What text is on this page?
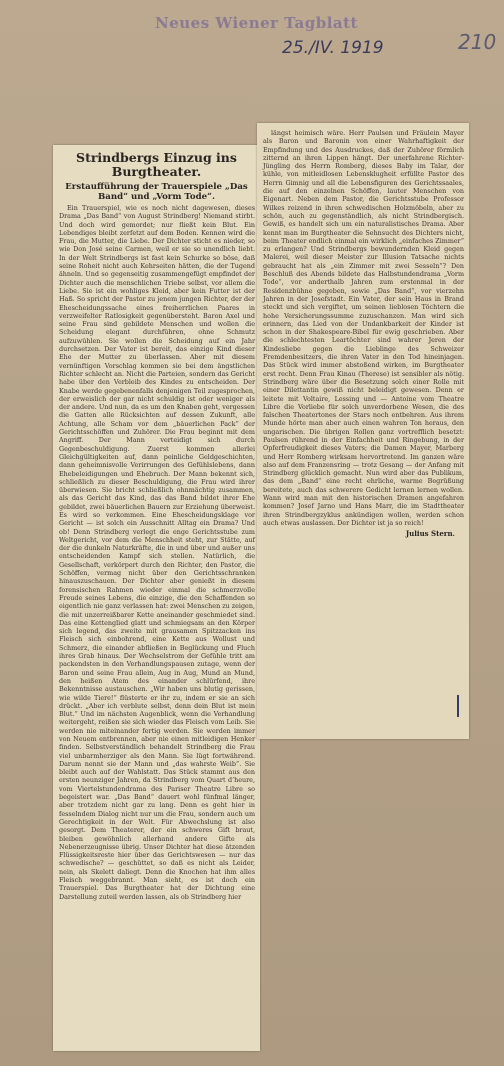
Neues Wiener Tagblatt
25./IV. 1919	210
Strindbergs Einzug ins Burgtheater.
Erstaufführung der Trauerspiele „Das Band“ und „Vorm Tode“.

Ein Trauerspiel, wie es noch nicht dagewesen, dieses Drama „Das Band“ von August Strindberg! Niemand stirbt. Und doch wird gemordet; nur fließt kein Blut. Ein Lebendiges bleibt zerfetzt auf dem Boden. Kennen wird die Frau, die Mutter, die Liebe. Der Dichter sticht es nieder, so wie Don José seine Carmen, weil er sie so unendlich liebt. In der Welt Strindbergs ist fast kein Schurke so böse, daß seine Roheit nicht auch Kehrseiten hätten, die der Tugend ähneln. Und so gegenseitig zusammengefügt empfindet der Dichter auch die menschlichen Triebe selbst, vor allem die Liebe. Sie ist ein wohliges Kleid, aber kein Futter ist der Haß. So spricht der Pastor zu jenem jungen Richter, der der Ehescheidungssache eines freiherrlichen Paares in verzweifelter Ratlosigkeit gegenübersteht. Baron Axel und seine Frau sind gebildete Menschen und wollen die Scheidung elegant durchführen, ohne Schmutz aufzuwühlen. Sie wollen die Scheidung auf ein Jahr durchsetzen. Der Vater ist bereit, das einzige Kind dieser Ehe der Mutter zu überlassen. Aber mit diesem vernünftigen Vorschlag kommen sie bei dem ängstlichen Richter schlecht an. Nicht die Parteien, sondern das Gericht habe über den Verbleib des Kindes zu entscheiden. Der Knabe werde gegebenenfalls denjenigen Teil zugesprochen, der erweislich der gar nicht schuldig ist oder weniger als der andere. Und nun, da es um den Knaben geht, vergessen die Gatten alle Rücksichten auf dessen Zukunft, alle Achtung, alle Scham vor dem „bäuerlichen Pack“ der Gerichtsschöffen und Zuhörer. Die Frau beginnt mit dem Angriff. Der Mann verteidigt sich durch Gegenbeschuldigung. Zuerst kommen allerlei Gleichgültigkeiten auf, dann peinliche Geldgeschichten, dann geheimnisvolle Verirrungen des Gefühlslebens, dann Ehebeleidigungen und Ehebruch. Der Mann bekennt sich, schließlich zu dieser Beschuldigung, die Frau wird ihrer überwiesen. Sie bricht schließlich ohnmächtig zusammen, als das Gericht das Kind, das das Band bildet ihrer Ehe gebildet, zwei bäuerlichen Bauern zur Erziehung überweist. Es wird so verkommen. Eine Ehescheidungsklage vor Gericht — ist solch ein Ausschnitt Alltag ein Drama? Und ob! Denn Strindberg verlegt die enge Gerichtsstube zum Weltgericht, vor dem die Menschheit steht, zur Stätte, auf der die dunkeln Naturkräfte, die in und über und außer uns entscheidenden Kampf sich stellen. Natürlich, die Gesellschaft, verkörpert durch den Richter, den Pastor, die Schöffen, vermag nicht über den Gerichtsschranken hinauszuschauen. Der Dichter aber genießt in diesem forensischen Rahmen wieder einmal die schmerzvolle Freude seines Lebens, die einzige, die den Schaffenden so eigentlich nie ganz verlassen hat: zwei Menschen zu zeigen, die mit unzerreißbarer Kette aneinander geschmiedet sind. Das eine Kettenglied glatt und schmiegsam an den Körper sich legend, das zweite mit grausamen Spitzzacken ins Fleisch sich einbohrend, eine Kette aus Wollust und Schmerz, die einander abfließen in Beglückung und Fluch ihres Grab hinaus. Der Wechselstrom der Gefühle tritt am packendsten in den Verhandlungspausen zutage, wenn der Baron und seine Frau allein, Aug in Aug, Mund an Mund, den heißen Atem des einander schlürfend, ihre Bekenntnisse austauschen. „Wir haben uns blutig gerissen, wie wilde Tiere!“ flüsterte er ihr zu, indem er sie an sich drückt. „Aber ich verblute selbst, denn dein Blut ist mein Blut.“ Und im nächsten Augenblick, wenn die Verhandlung weitergeht, reißen sie sich wieder das Fleisch vom Leib. Sie werden nie miteinander fertig werden. Sie werden immer von Neuem entbrennen, aber nie einen mitleidigen Henker finden. Selbstverständlich behandelt Strindberg die Frau viel unbarmherziger als den Mann. Sie lügt fortwährend. Darum nennt sie der Mann und „das wahrste Weib“. Sie bleibt auch auf der Wahlstatt. Das Stück stammt aus den ersten neunziger Jahren, da Strindberg vom Quart d’heure, vom Viertelstundendrama des Pariser Theatre Libre so begeistert war. „Das Band“ dauert wohl fünfmal länger, aber trotzdem nicht gar zu lang. Denn es geht hier in fesselndem Dialog nicht nur um die Frau, sondern auch um Gerechtigkeit in der Welt. Für Abwechslung ist also gesorgt. Dem Theaterer, der ein schweres Gift braut, bleiben gewöhnlich allerhand andere Gifte als Nebenerzeugnisse übrig. Unser Dichter hat diese ätzenden Flüssigkeitsreste hier über das Gerichtswesen — nur das schwedische? — geschüttet, so daß es nicht als Leider, nein, als Skelett daliegt. Denn die Knochen hat ihm alles Fleisch weggebrannt. Man sieht, es ist doch ein Trauerspiel. Das Burgtheater hat der Dichtung eine Darstellung zuteil werden lassen, als ob Strindberg hier

längst heimisch wäre. Herr Paulsen und Fräulein Mayer als Baron und Baronin von einer Wahrhaftigkeit der Empfindung und des Ausdruckes, daß der Zuhörer förmlich zitternd an ihren Lippen hängt. Der unerfahrene Richter-Jüngling des Herrn Romberg, dieses Baby im Talar, der kühle, von mitleidlosen Lebensklugheit erfüllte Pastor des Herrn Gimnig und all die Lebensfiguren des Gerichtssaales, die auf den einzelnen Schöffen, lauter Menschen von Eigenart. Neben dem Pastor, die Gerichtsstube Professor Wilkes reizend in ihren schwedischen Holzmöbeln, aber zu schön, auch zu gegenständlich, als nicht Strindbergisch. Gewiß, es handelt sich um ein naturalistisches Drama. Aber kennt man im Burgtheater die Sehnsucht des Dichters nicht, beim Theater endlich einmal ein wirklich „einfaches Zimmer“ zu erlangen? Und Strindbergs bewundernden Kleid gegen Malerei, weil dieser Meister zur Illusion Tatsache nichts gebraucht hat als „ein Zimmer mit zwei Sesseln“? Den Beschluß des Abends bildete das Halbstundendrama „Vorm Tode“, vor anderthalb Jahren zum erstenmal in der Residenzbühne gegeben, sowie „Das Band“, vor vierzehn Jahren in der Josefstadt. Ein Vater, der sein Haus in Brand steckt und sich vergiftet, um seinen lieblosen Töchtern die hohe Versicherungssumme zuzuschanzen. Man wird sich erinnern, das Lied von der Undankbarkeit der Kinder ist schon in der Shakespeare-Bibel für ewig geschrieben. Aber die schlechtesten Leartöchter sind wahrer Jeren der Kindesliebe gegen die Lieblinge des Schweizer Fremdenbesitzers, die ihren Vater in den Tod hineinjagen. Das Stück wird immer abstoßend wirken, im Burgtheater erst recht. Denn Frau Kinau (Therese) ist sensibler als nötig. Strindberg wäre über die Besetzung solch einer Rolle mit einer Dilettantin gewiß nicht beleidigt gewesen. Denn er leitete mit Voltaire, Lessing und — Antoine vom Theatre Libre die Vorliebe für solch unverdorbene Wesen, die des falschen Theatertones der Stars noch entbehren. Aus ihrem Munde hörte man aber auch einen wahren Ton heraus, den ungarischen. Die übrigen Rollen ganz vortrefflich besetzt: Paulsen rührend in der Einfachheit und Ringebung, in der Opferfreudigkeit dieses Vaters; die Damen Mayer, Marberg und Herr Romberg wirksam hervortretend. Im ganzen wäre also auf dem Franzensring — trotz Gesang — der Anfang mit Strindberg glücklich gemacht. Nun wird aber das Publikum, das dem „Band“ eine recht ehrliche, warme Begrüßung bereitete, auch das schwerere Gedicht lernen lernen wollen. Wann wird man mit den historischen Dramen angefahren kommen? Josef Jarno und Hans Marr, die im Stadttheater ihren Strindbergzyklus ankündigen wollen, werden schon auch etwas auslassen. Der Dichter ist ja so reich!

Julius Stern.
